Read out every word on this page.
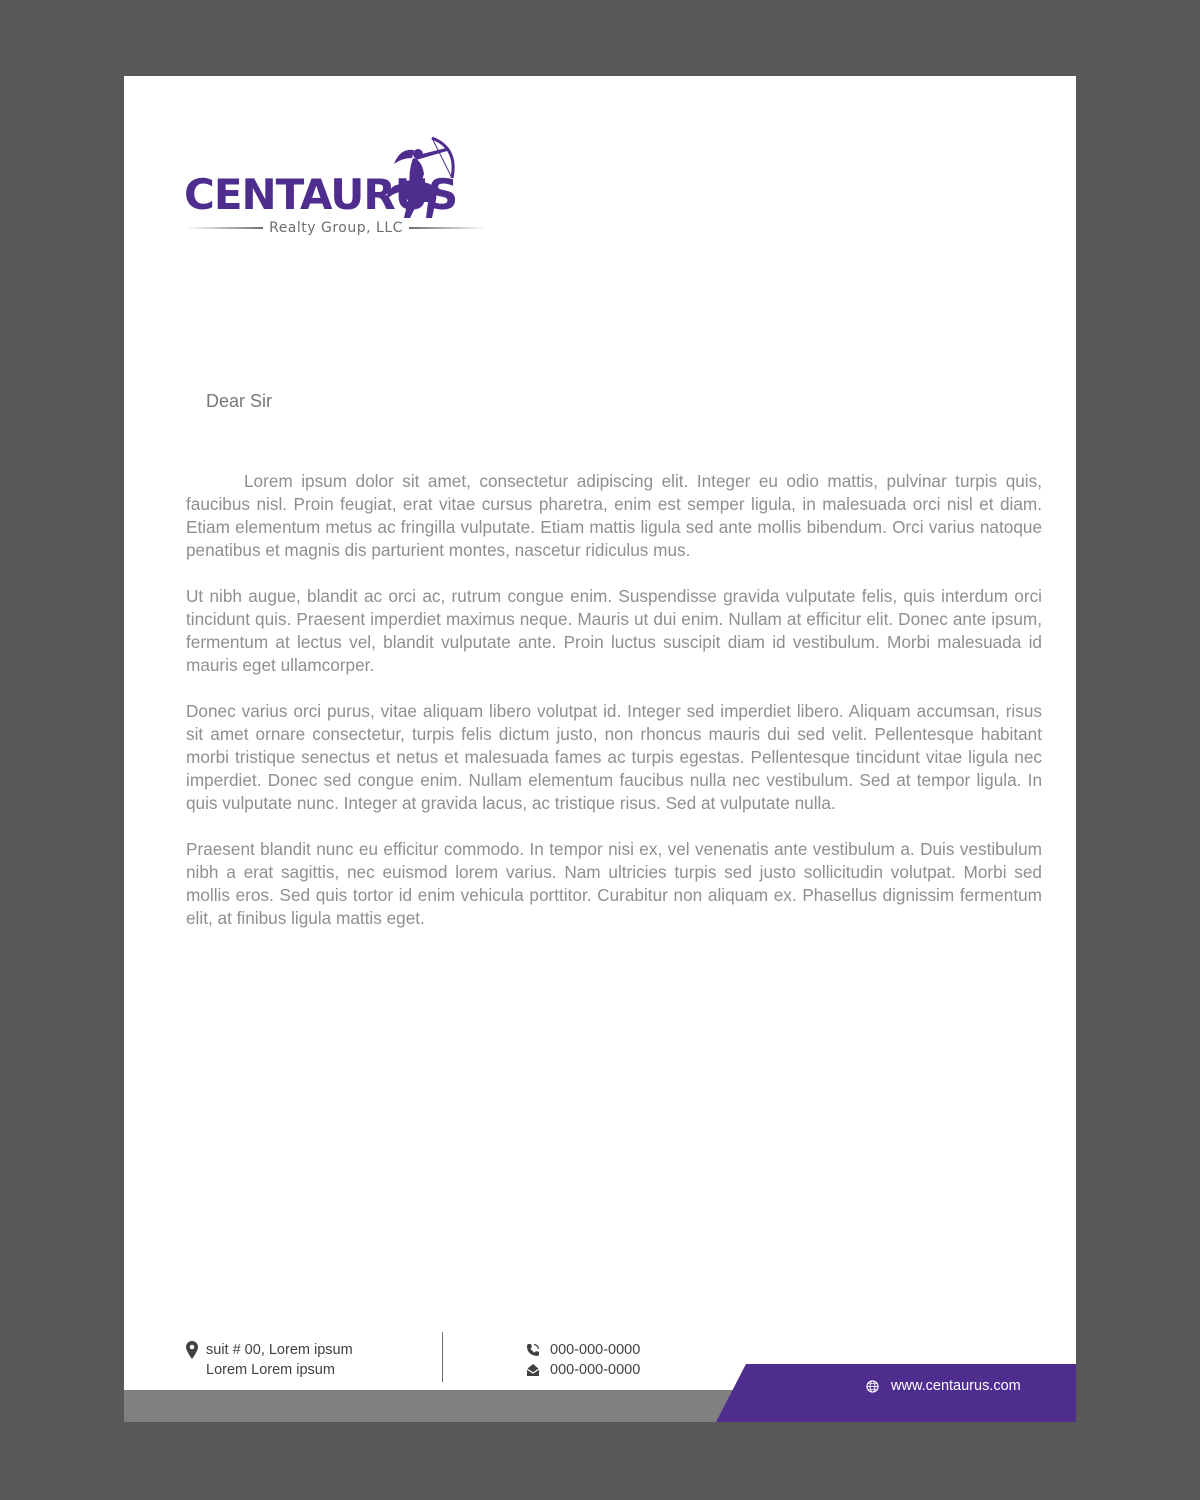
CENTAURUS
Realty Group, LLC
Dear Sir

Lorem ipsum dolor sit amet, consectetur adipiscing elit. Integer eu odio mattis, pulvinar turpis quis, faucibus nisl. Proin feugiat, erat vitae cursus pharetra, enim est semper ligula, in malesuada orci nisl et diam. Etiam elementum metus ac fringilla vulputate. Etiam mattis ligula sed ante mollis bibendum. Orci varius natoque penatibus et magnis dis parturient montes, nascetur ridiculus mus.

Ut nibh augue, blandit ac orci ac, rutrum congue enim. Suspendisse gravida vulputate felis, quis interdum orci tincidunt quis. Praesent imperdiet maximus neque. Mauris ut dui enim. Nullam at efficitur elit. Donec ante ipsum, fermentum at lectus vel, blandit vulputate ante. Proin luctus suscipit diam id vestibulum. Morbi malesuada id mauris eget ullamcorper.

Donec varius orci purus, vitae aliquam libero volutpat id. Integer sed imperdiet libero. Aliquam accumsan, risus sit amet ornare consectetur, turpis felis dictum justo, non rhoncus mauris dui sed velit. Pellentesque habitant morbi tristique senectus et netus et malesuada fames ac turpis egestas. Pellentesque tincidunt vitae ligula nec imperdiet. Donec sed congue enim. Nullam elementum faucibus nulla nec vestibulum. Sed at tempor ligula. In quis vulputate nunc. Integer at gravida lacus, ac tristique risus. Sed at vulputate nulla.

Praesent blandit nunc eu efficitur commodo. In tempor nisi ex, vel venenatis ante vestibulum a. Duis vestibulum nibh a erat sagittis, nec euismod lorem varius. Nam ultricies turpis sed justo sollicitudin volutpat. Morbi sed mollis eros. Sed quis tortor id enim vehicula porttitor. Curabitur non aliquam ex. Phasellus dignissim fermentum elit, at finibus ligula mattis eget.

suit # 00, Lorem ipsum
Lorem Lorem ipsum
000-000-0000
000-000-0000
www.centaurus.com
